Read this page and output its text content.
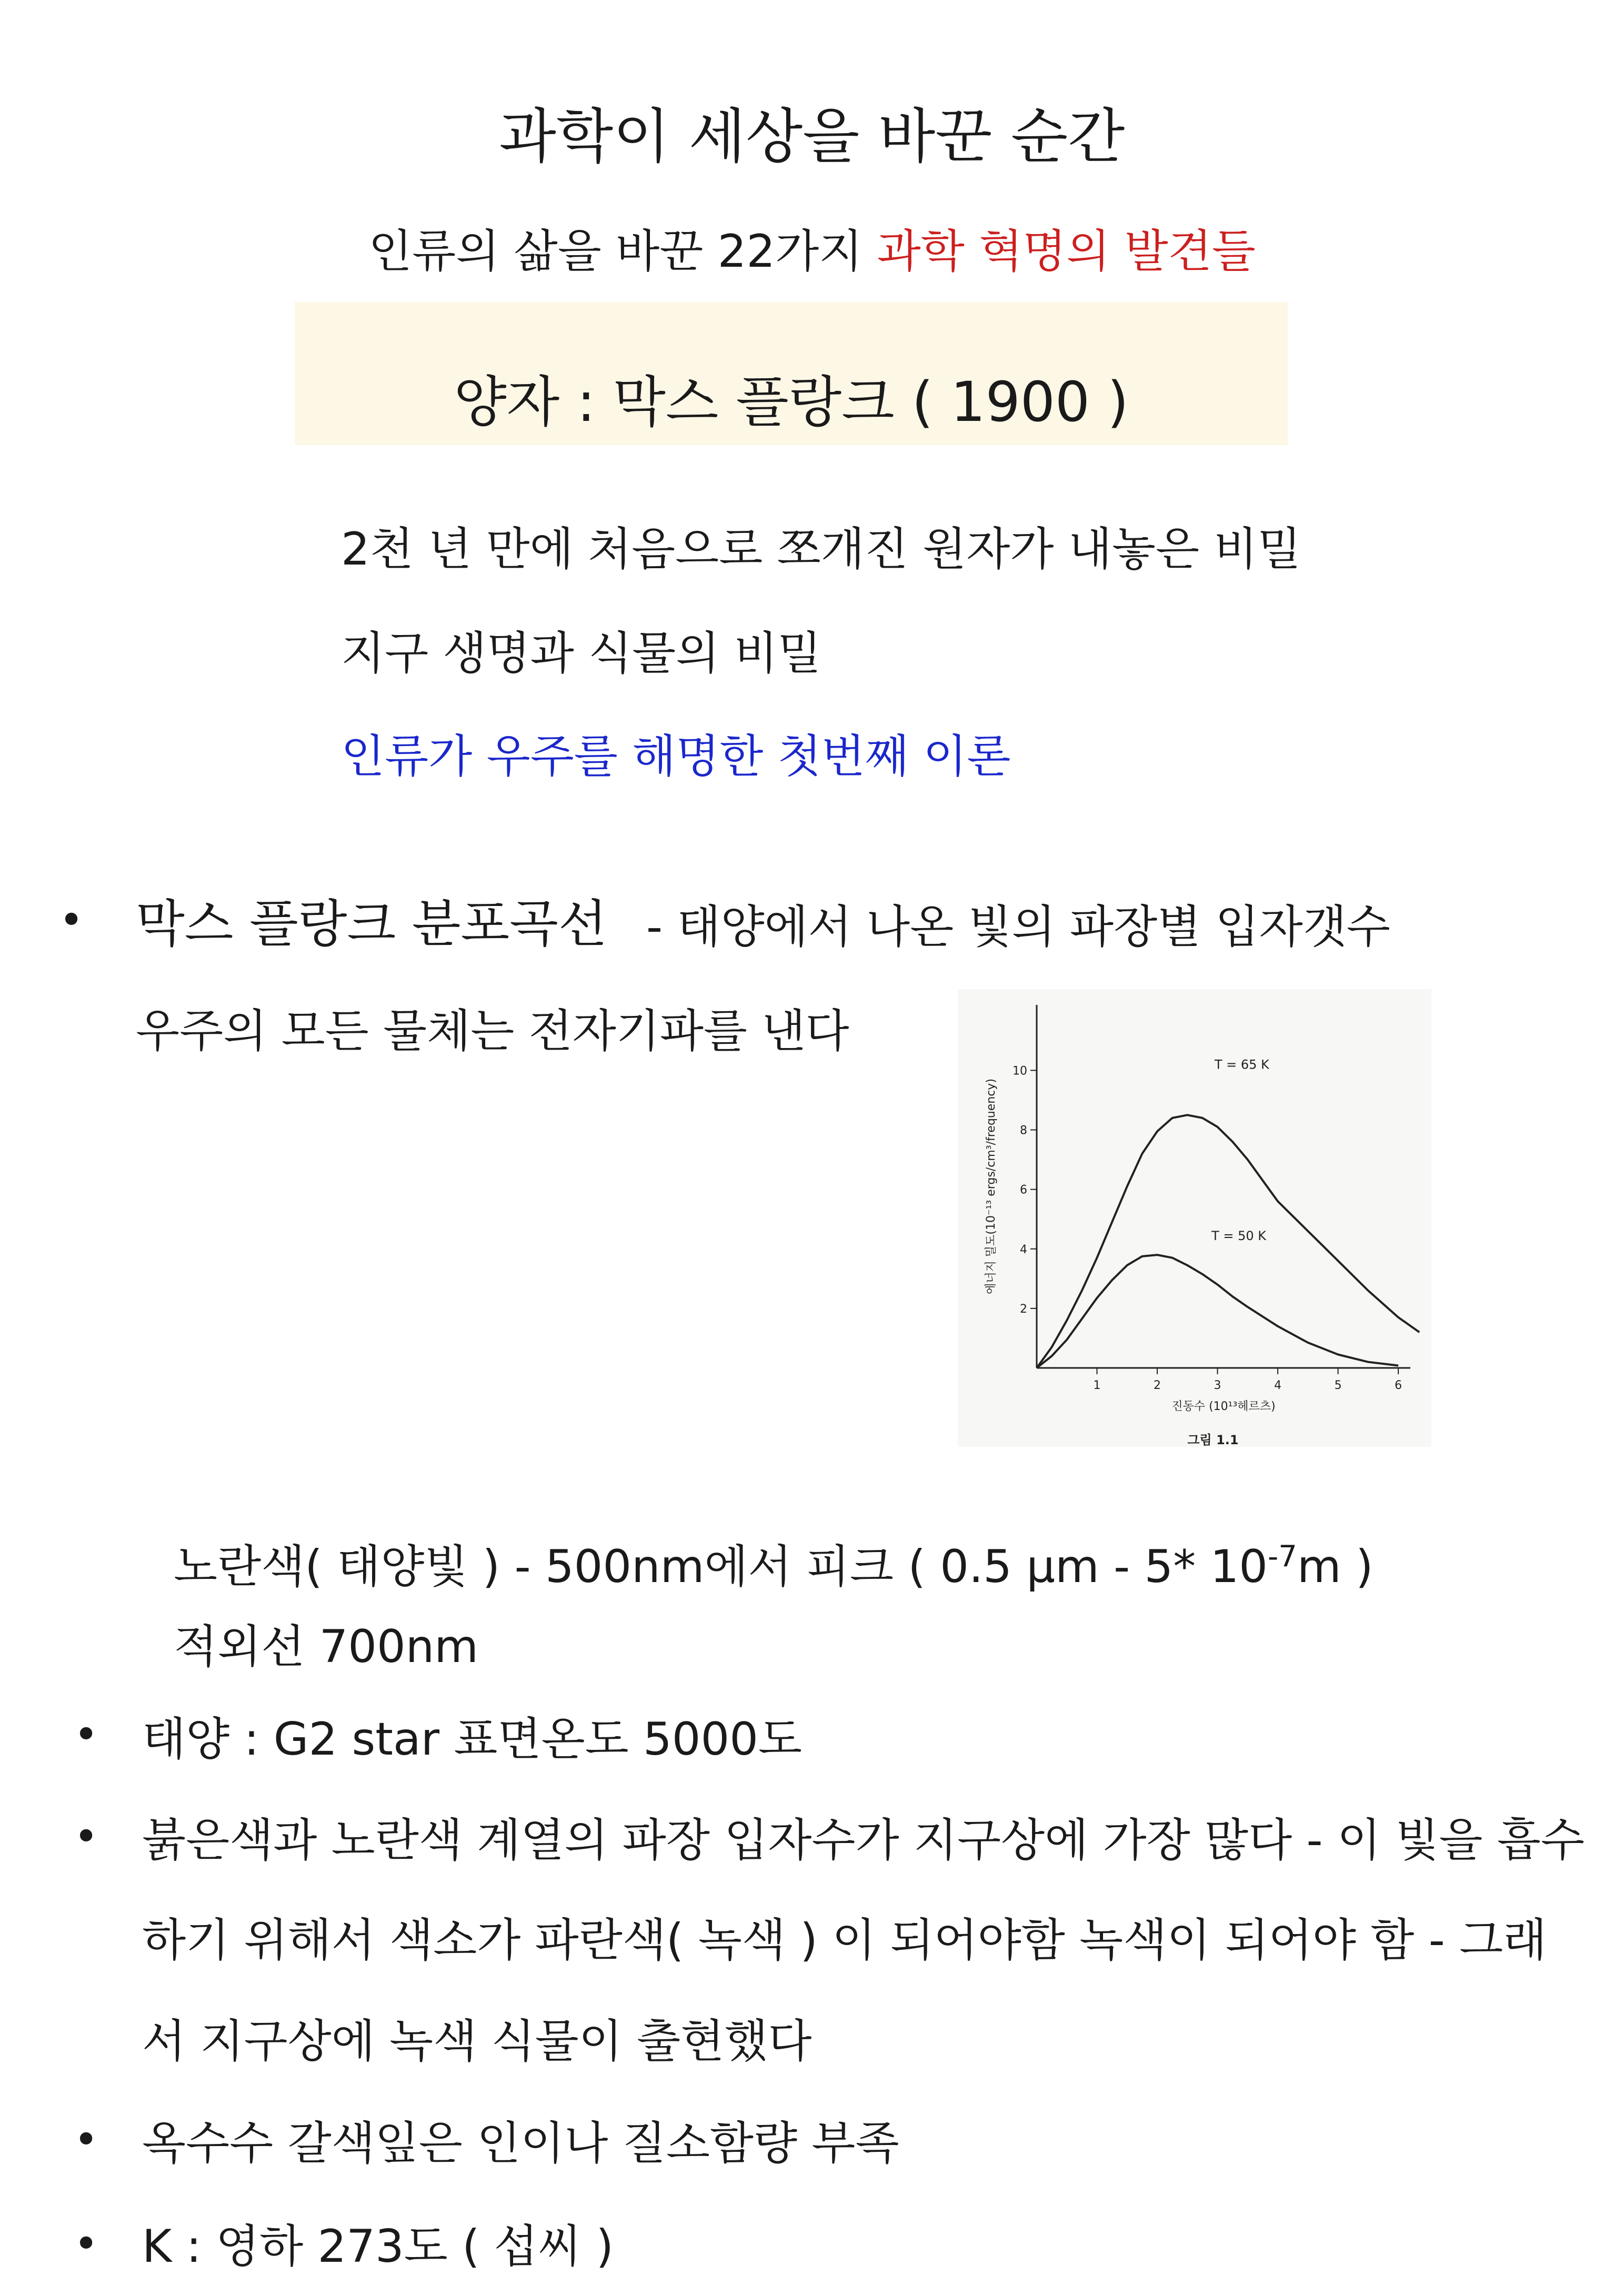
과학이 세상을 바꾼 순간
인류의 삶을 바꾼 22가지 과학 혁명의 발견들
양자 : 막스 플랑크 ( 1900 )
2천 년 만에 처음으로 쪼개진 원자가 내놓은 비밀
지구 생명과 식물의 비밀
인류가 우주를 해명한 첫번째 이론
• 막스 플랑크 분포곡선 - 태양에서 나온 빛의 파장별 입자갯수
우주의 모든 물체는 전자기파를 낸다
2
4
6
8
10
1	2	3	4	5	6
진동수 (10¹³헤르츠)
에너지 밀도(10⁻¹³ ergs/cm³/frequency)
그림 1.1
T = 65 K
T = 50 K
노란색( 태양빛 ) - 500nm에서 피크 ( 0.5 μm - 5* $10^{-7}m$ )
적외선 700nm
• 태양 : G2 star 표면온도 5000도
• 붉은색과 노란색 계열의 파장 입자수가 지구상에 가장 많다 - 이 빛을 흡수
하기 위해서 색소가 파란색( 녹색 ) 이 되어야함 녹색이 되어야 함 - 그래
서 지구상에 녹색 식물이 출현했다
• 옥수수 갈색잎은 인이나 질소함량 부족
• K : 영하 273도 ( 섭씨 )
